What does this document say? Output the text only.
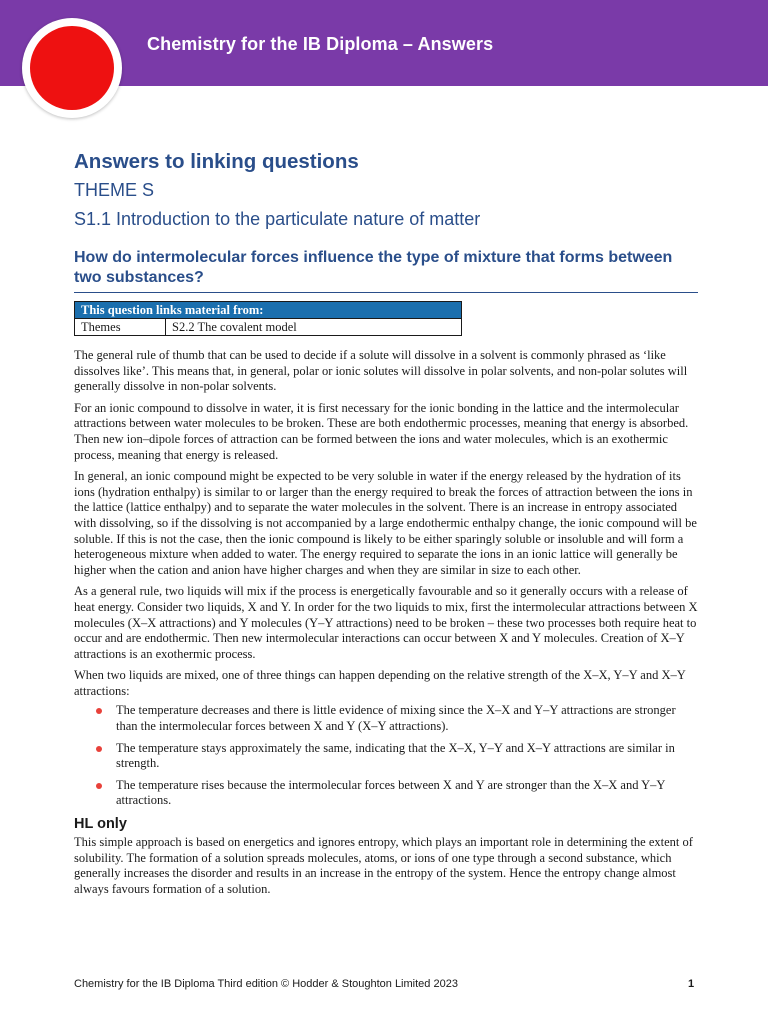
Chemistry for the IB Diploma – Answers
Answers to linking questions
THEME S
S1.1 Introduction to the particulate nature of matter
How do intermolecular forces influence the type of mixture that forms between two substances?
This question links material from:
Themes	S2.2 The covalent model

The general rule of thumb that can be used to decide if a solute will dissolve in a solvent is commonly phrased as ‘like dissolves like’. This means that, in general, polar or ionic solutes will dissolve in polar solvents, and non-polar solutes will generally dissolve in non-polar solvents.

For an ionic compound to dissolve in water, it is first necessary for the ionic bonding in the lattice and the intermolecular attractions between water molecules to be broken. These are both endothermic processes, meaning that energy is absorbed. Then new ion–dipole forces of attraction can be formed between the ions and water molecules, which is an exothermic process, meaning that energy is released.

In general, an ionic compound might be expected to be very soluble in water if the energy released by the hydration of its ions (hydration enthalpy) is similar to or larger than the energy required to break the forces of attraction between the ions in the lattice (lattice enthalpy) and to separate the water molecules in the solvent. There is an increase in entropy associated with dissolving, so if the dissolving is not accompanied by a large endothermic enthalpy change, the ionic compound will be soluble. If this is not the case, then the ionic compound is likely to be either sparingly soluble or insoluble and will form a heterogeneous mixture when added to water. The energy required to separate the ions in an ionic lattice will generally be higher when the cation and anion have higher charges and when they are similar in size to each other.

As a general rule, two liquids will mix if the process is energetically favourable and so it generally occurs with a release of heat energy. Consider two liquids, X and Y. In order for the two liquids to mix, first the intermolecular attractions between X molecules (X–X attractions) and Y molecules (Y–Y attractions) need to be broken – these two processes both require heat to occur and are endothermic. Then new intermolecular interactions can occur between X and Y molecules. Creation of X–Y attractions is an exothermic process.

When two liquids are mixed, one of three things can happen depending on the relative strength of the X–X, Y–Y and X–Y attractions:

The temperature decreases and there is little evidence of mixing since the X–X and Y–Y attractions are stronger than the intermolecular forces between X and Y (X–Y attractions).
The temperature stays approximately the same, indicating that the X–X, Y–Y and X–Y attractions are similar in strength.
The temperature rises because the intermolecular forces between X and Y are stronger than the X–X and Y–Y attractions.
HL only

This simple approach is based on energetics and ignores entropy, which plays an important role in determining the extent of solubility. The formation of a solution spreads molecules, atoms, or ions of one type through a second substance, which generally increases the disorder and results in an increase in the entropy of the system. Hence the entropy change almost always favours formation of a solution.

Chemistry for the IB Diploma Third edition © Hodder & Stoughton Limited 2023	1
